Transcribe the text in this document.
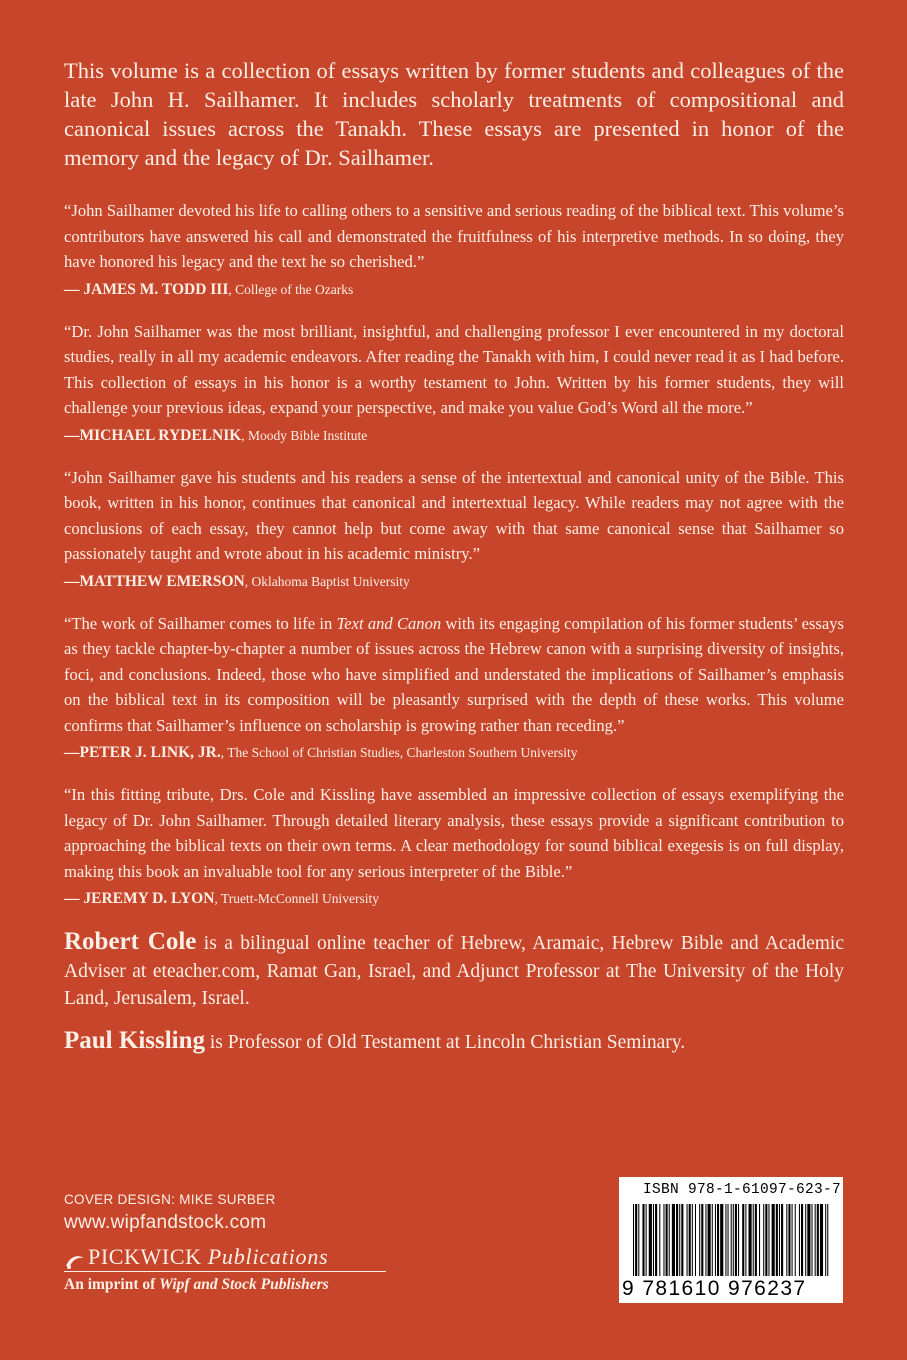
This volume is a collection of essays written by former students and colleagues of the late John H. Sailhamer. It includes scholarly treatments of compositional and canonical issues across the Tanakh. These essays are presented in honor of the memory and the legacy of Dr. Sailhamer.

“John Sailhamer devoted his life to calling others to a sensitive and serious reading of the biblical text. This volume’s contributors have answered his call and demonstrated the fruitfulness of his interpretive methods. In so doing, they have honored his legacy and the text he so cherished.”

— JAMES M. TODD III, College of the Ozarks

“Dr. John Sailhamer was the most brilliant, insightful, and challenging professor I ever encountered in my doctoral studies, really in all my academic endeavors. After reading the Tanakh with him, I could never read it as I had before. This collection of essays in his honor is a worthy testament to John. Written by his former students, they will challenge your previous ideas, expand your perspective, and make you value God’s Word all the more.”

—MICHAEL RYDELNIK, Moody Bible Institute

“John Sailhamer gave his students and his readers a sense of the intertextual and canonical unity of the Bible. This book, written in his honor, continues that canonical and intertextual legacy. While readers may not agree with the conclusions of each essay, they cannot help but come away with that same canonical sense that Sailhamer so passionately taught and wrote about in his academic ministry.”

—MATTHEW EMERSON, Oklahoma Baptist University

“The work of Sailhamer comes to life in Text and Canon with its engaging compilation of his former students’ essays as they tackle chapter-by-chapter a number of issues across the Hebrew canon with a surprising diversity of insights, foci, and conclusions. Indeed, those who have simplified and understated the implications of Sailhamer’s emphasis on the biblical text in its composition will be pleasantly surprised with the depth of these works. This volume confirms that Sailhamer’s influence on scholarship is growing rather than receding.”

—PETER J. LINK, JR., The School of Christian Studies, Charleston Southern University

“In this fitting tribute, Drs. Cole and Kissling have assembled an impressive collection of essays exemplifying the legacy of Dr. John Sailhamer. Through detailed literary analysis, these essays provide a significant contribution to approaching the biblical texts on their own terms. A clear methodology for sound biblical exegesis is on full display, making this book an invaluable tool for any serious interpreter of the Bible.”

— JEREMY D. LYON, Truett-McConnell University

Robert Cole is a bilingual online teacher of Hebrew, Aramaic, Hebrew Bible and Academic Adviser at eteacher.com, Ramat Gan, Israel, and Adjunct Professor at The University of the Holy Land, Jerusalem, Israel.

Paul Kissling is Professor of Old Testament at Lincoln Christian Seminary.

COVER DESIGN: MIKE SURBER

www.wipfandstock.com

PICKWICK Publications
An imprint of Wipf and Stock Publishers
ISBN 978-1-61097-623-7
9 781610 976237
